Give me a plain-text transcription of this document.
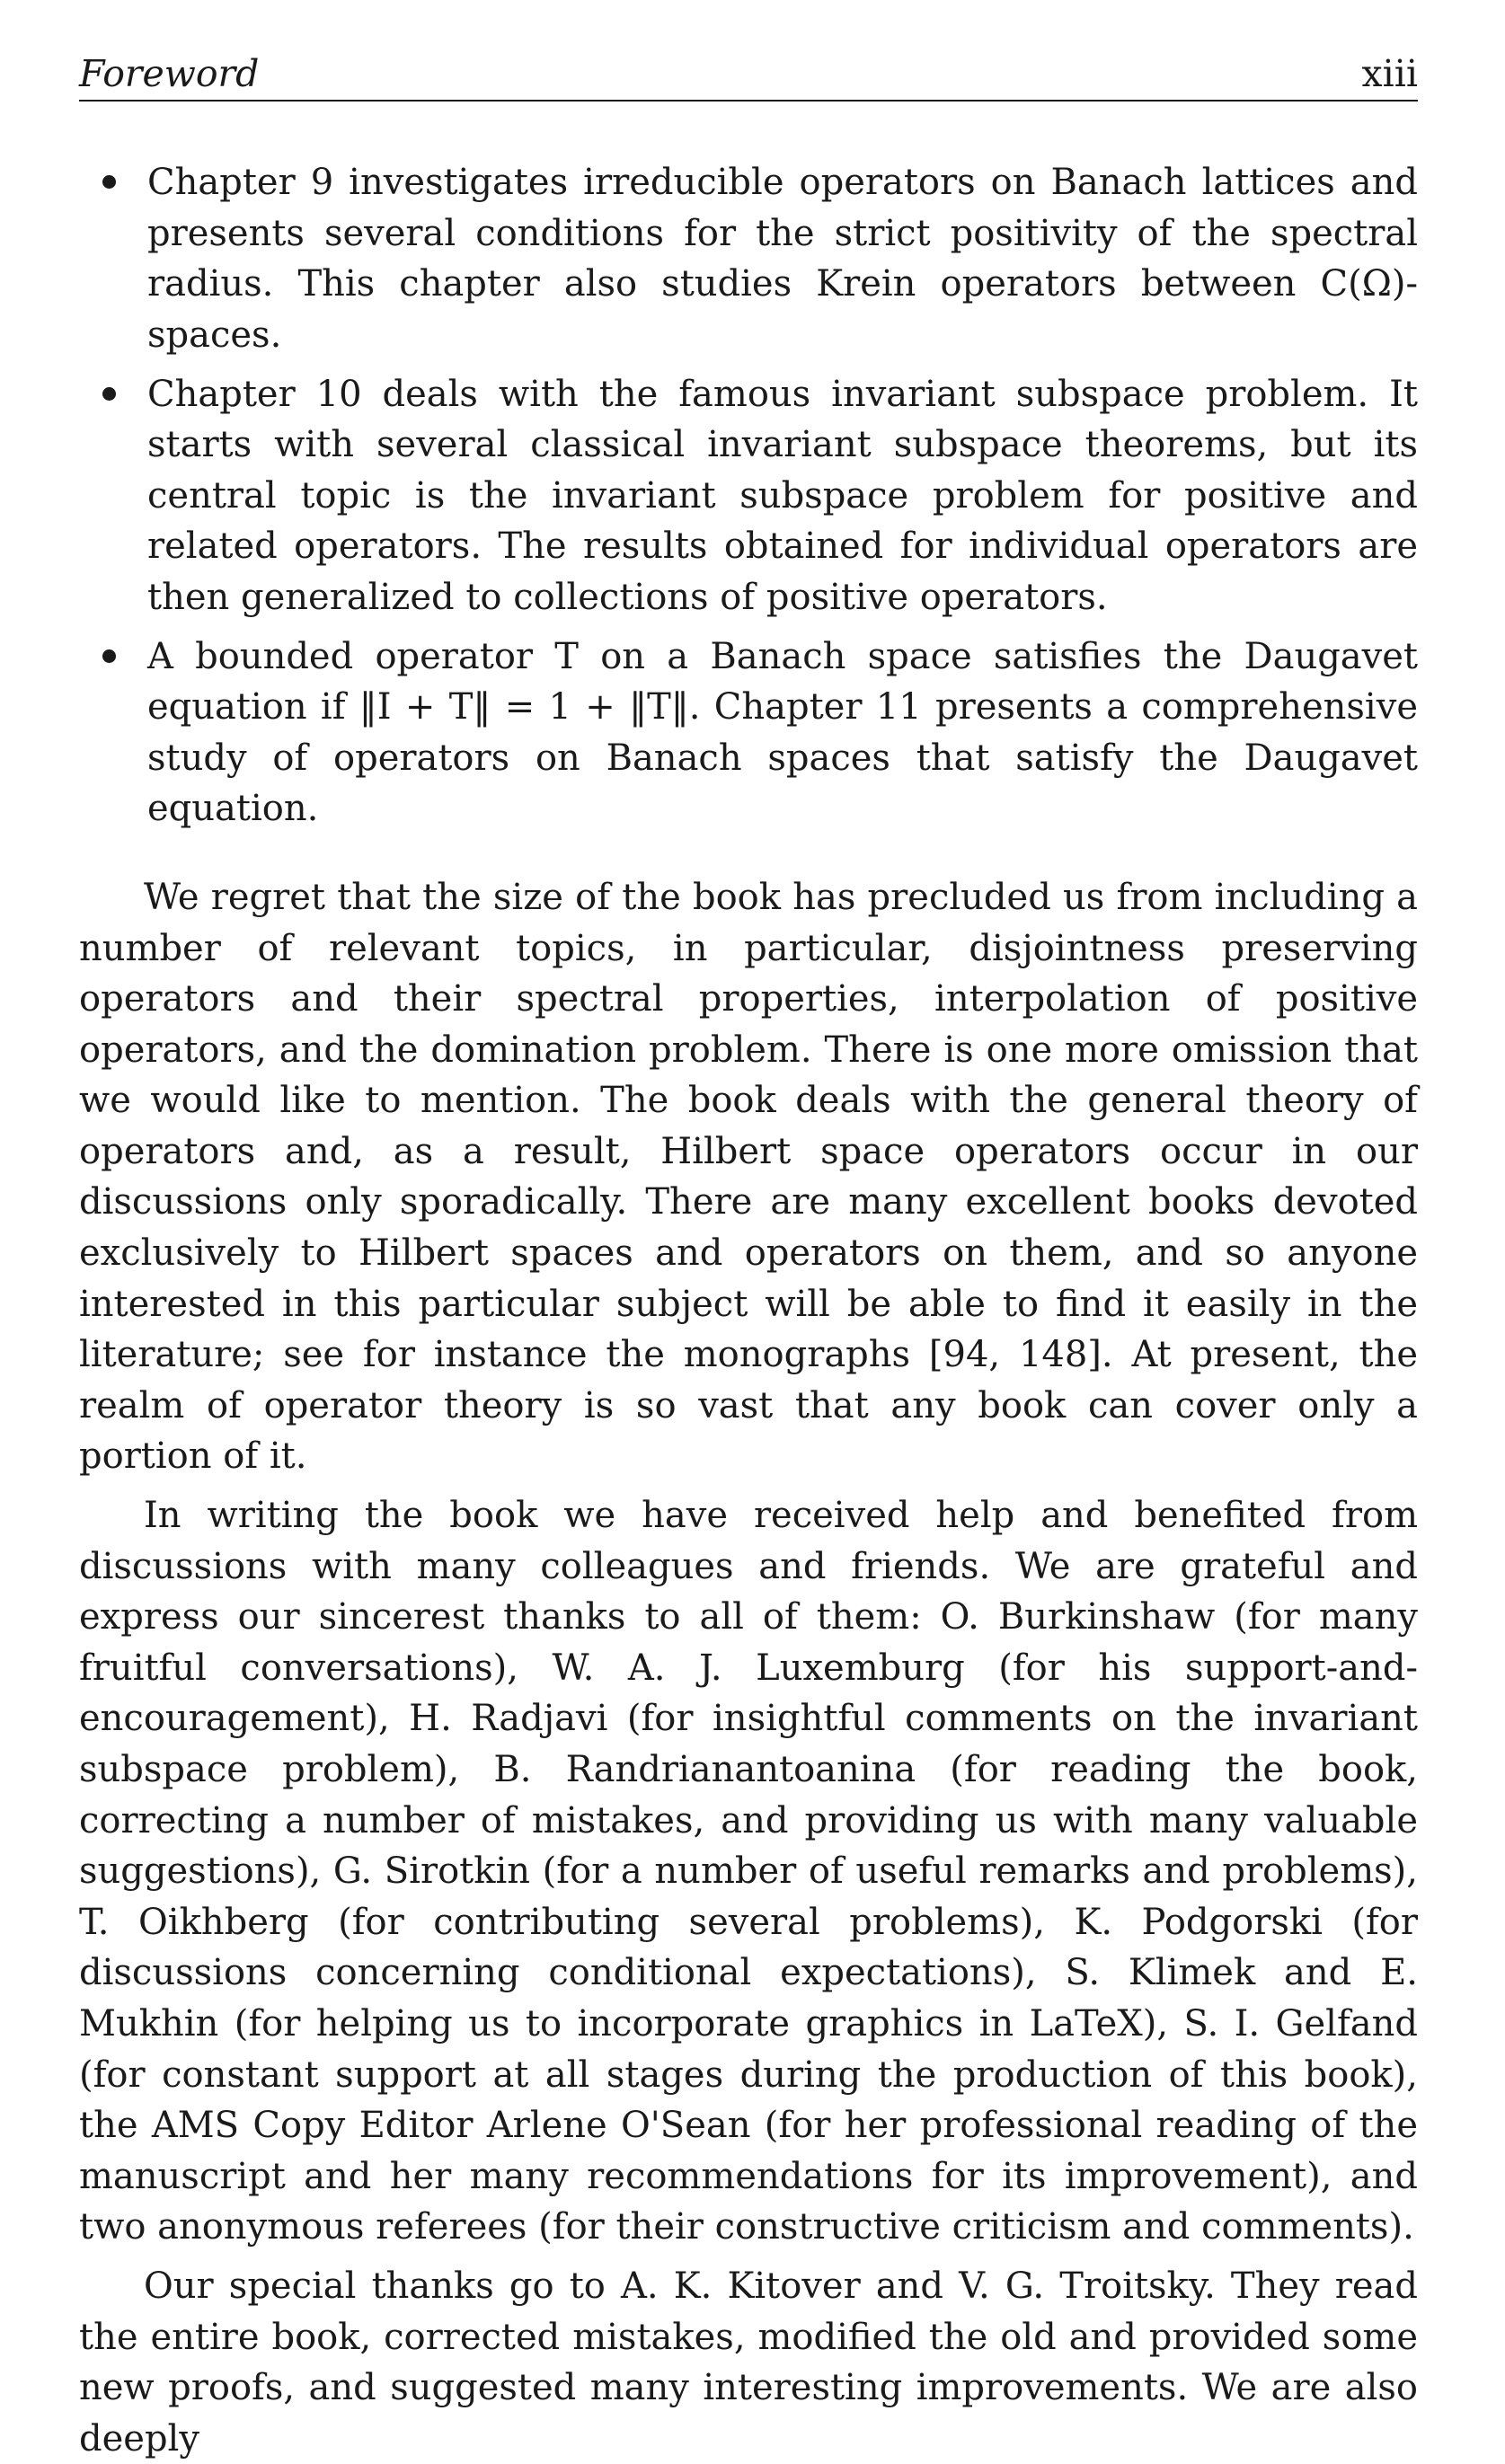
Foreword	xiii
Chapter 9 investigates irreducible operators on Banach lattices and presents several conditions for the strict positivity of the spectral radius. This chapter also studies Krein operators between C(Ω)-spaces.
Chapter 10 deals with the famous invariant subspace problem. It starts with several classical invariant subspace theorems, but its central topic is the invariant subspace problem for positive and related operators. The results obtained for individual operators are then generalized to collections of positive operators.
A bounded operator T on a Banach space satisfies the Daugavet equation if ‖I + T‖ = 1 + ‖T‖. Chapter 11 presents a comprehensive study of operators on Banach spaces that satisfy the Daugavet equation.

We regret that the size of the book has precluded us from including a number of relevant topics, in particular, disjointness preserving operators and their spectral properties, interpolation of positive operators, and the domination problem. There is one more omission that we would like to mention. The book deals with the general theory of operators and, as a result, Hilbert space operators occur in our discussions only sporadically. There are many excellent books devoted exclusively to Hilbert spaces and operators on them, and so anyone interested in this particular subject will be able to find it easily in the literature; see for instance the monographs [94, 148]. At present, the realm of operator theory is so vast that any book can cover only a portion of it.

In writing the book we have received help and benefited from discussions with many colleagues and friends. We are grateful and express our sincerest thanks to all of them: O. Burkinshaw (for many fruitful conversations), W. A. J. Luxemburg (for his support-and-encouragement), H. Radjavi (for insightful comments on the invariant subspace problem), B. Randrianantoanina (for reading the book, correcting a number of mistakes, and providing us with many valuable suggestions), G. Sirotkin (for a number of useful remarks and problems), T. Oikhberg (for contributing several problems), K. Podgorski (for discussions concerning conditional expectations), S. Klimek and E. Mukhin (for helping us to incorporate graphics in LaTeX), S. I. Gelfand (for constant support at all stages during the production of this book), the AMS Copy Editor Arlene O'Sean (for her professional reading of the manuscript and her many recommendations for its improvement), and two anonymous referees (for their constructive criticism and comments).

Our special thanks go to A. K. Kitover and V. G. Troitsky. They read the entire book, corrected mistakes, modified the old and provided some new proofs, and suggested many interesting improvements. We are also deeply
